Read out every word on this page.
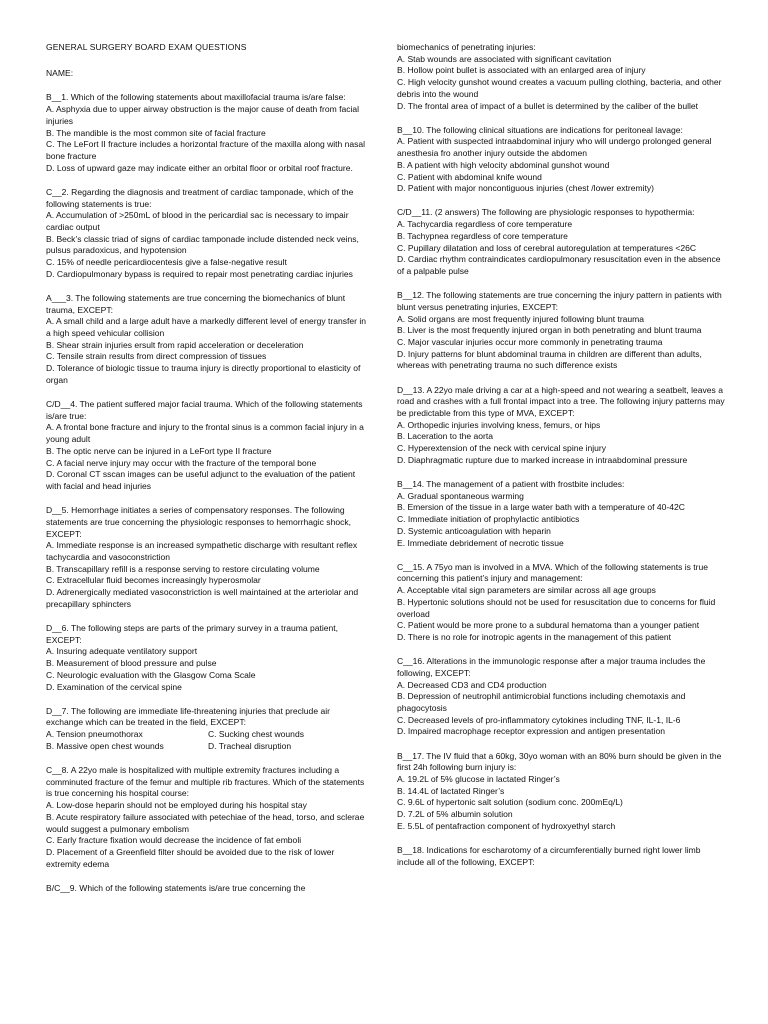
GENERAL SURGERY BOARD EXAM QUESTIONS

NAME:

B__1. Which of the following statements about maxillofacial trauma is/are false:

A. Asphyxia due to upper airway obstruction is the major cause of death from facial injuries

B. The mandible is the most common site of facial fracture

C. The LeFort II fracture includes a horizontal fracture of the maxilla along with nasal bone fracture

D. Loss of upward gaze may indicate either an orbital floor or orbital roof fracture.

C__2. Regarding the diagnosis and treatment of cardiac tamponade, which of the following statements is true:

A. Accumulation of >250mL of blood in the pericardial sac is necessary to impair cardiac output

B. Beck’s classic triad of signs of cardiac tamponade include distended neck veins, pulsus paradoxicus, and hypotension

C. 15% of needle pericardiocentesis give a false-negative result

D. Cardiopulmonary bypass is required to repair most penetrating cardiac injuries

A___3. The following statements are true concerning the biomechanics of blunt trauma, EXCEPT:

A. A small child and a large adult have a markedly different level of energy transfer in a high speed vehicular collision

B. Shear strain injuries ersult from rapid acceleration or deceleration

C. Tensile strain results from direct compression of tissues

D. Tolerance of biologic tissue to trauma injury is directly proportional to elasticity of organ

C/D__4. The patient suffered major facial trauma. Which of the following statements is/are true:

A. A frontal bone fracture and injury to the frontal sinus is a common facial injury in a young adult

B. The optic nerve can be injured in a LeFort type II fracture

C. A facial nerve injury may occur with the fracture of the temporal bone

D. Coronal CT sscan images can be useful adjunct to the evaluation of the patient with facial and head injuries

D__5. Hemorrhage initiates a series of compensatory responses. The following statements are true concerning the physiologic responses to hemorrhagic shock, EXCEPT:

A. Immediate response is an increased sympathetic discharge with resultant reflex tachycardia and vasoconstriction

B. Transcapillary refill is a response serving to restore circulating volume

C. Extracellular fluid becomes increasingly hyperosmolar

D. Adrenergically mediated vasoconstriction is well maintained at the arteriolar and precapillary sphincters

D__6. The following steps are parts of the primary survey in a trauma patient, EXCEPT:

A. Insuring adequate ventilatory support

B. Measurement of blood pressure and pulse

C. Neurologic evaluation with the Glasgow Coma Scale

D. Examination of the cervical spine

D__7. The following are immediate life-threatening injuries that preclude air exchange which can be treated in the field, EXCEPT:

A. Tension pneumothorax	C. Sucking chest wounds

B. Massive open chest wounds	D. Tracheal disruption

C__8. A 22yo male is hospitalized with multiple extremity fractures including a comminuted fracture of the femur and multiple rib fractures. Which of the statements is true concerning his hospital course:

A. Low-dose heparin should not be employed during his hospital stay

B. Acute respiratory failure associated with petechiae of the head, torso, and sclerae would suggest a pulmonary embolism

C. Early fracture fixation would decrease the incidence of fat emboli

D. Placement of a Greenfield filter should be avoided due to the risk of lower extremity edema

B/C__9. Which of the following statements is/are true concerning the

biomechanics of penetrating injuries:

A. Stab wounds are associated with significant cavitation

B. Hollow point bullet is associated with an enlarged area of injury

C. High velocity gunshot wound creates a vacuum pulling clothing, bacteria, and other debris into the wound

D. The frontal area of impact of a bullet is determined by the caliber of the bullet

B__10. The following clinical situations are indications for peritoneal lavage:

A. Patient with suspected intraabdominal injury who will undergo prolonged general anesthesia fro another injury outside the abdomen

B. A patient with high velocity abdominal gunshot wound

C. Patient with abdominal knife wound

D. Patient with major noncontiguous injuries (chest /lower extremity)

C/D__11. (2 answers) The following are physiologic responses to hypothermia:

A. Tachycardia regardless of core temperature

B. Tachypnea regardless of core temperature

C. Pupillary dilatation and loss of cerebral autoregulation at temperatures <26C

D. Cardiac rhythm contraindicates cardiopulmonary resuscitation even in the absence of a palpable pulse

B__12. The following statements are true concerning the injury pattern in patients with blunt versus penetrating injuries, EXCEPT:

A. Solid organs are most frequently injured following blunt trauma

B. Liver is the most frequently injured organ in both penetrating and blunt trauma

C. Major vascular injuries occur more commonly in penetrating trauma

D. Injury patterns for blunt abdominal trauma in children are different than adults, whereas with penetrating trauma no such difference exists

D__13. A 22yo male driving a car at a high-speed and not wearing a seatbelt, leaves a road and crashes with a full frontal impact into a tree. The following injury patterns may be predictable from this type of MVA, EXCEPT:

A. Orthopedic injuries involving kness, femurs, or hips

B. Laceration to the aorta

C. Hyperextension of the neck with cervical spine injury

D. Diaphragmatic rupture due to marked increase in intraabdominal pressure

B__14. The management of a patient with frostbite includes:

A. Gradual spontaneous warming

B. Emersion of the tissue in a large water bath with a temperature of 40-42C

C. Immediate initiation of prophylactic antibiotics

D. Systemic anticoagulation with heparin

E. Immediate debridement of necrotic tissue

C__15. A 75yo man is involved in a MVA. Which of the following statements is true concerning this patient’s injury and management:

A. Acceptable vital sign parameters are similar across all age groups

B. Hypertonic solutions should not be used for resuscitation due to concerns for fluid overload

C. Patient would be more prone to a subdural hematoma than a younger patient

D. There is no role for inotropic agents in the management of this patient

C__16. Alterations in the immunologic response after a major trauma includes the following, EXCEPT:

A. Decreased CD3 and CD4 production

B. Depression of neutrophil antimicrobial functions including chemotaxis and phagocytosis

C. Decreased levels of pro-inflammatory cytokines including TNF, IL-1, IL-6

D. Impaired macrophage receptor expression and antigen presentation

B__17. The IV fluid that a 60kg, 30yo woman with an 80% burn should be given in the first 24h following burn injury is:

A. 19.2L of 5% glucose in lactated Ringer’s

B. 14.4L of lactated Ringer’s

C. 9.6L of hypertonic salt solution (sodium conc. 200mEq/L)

D. 7.2L of 5% albumin solution

E. 5.5L of pentafraction component of hydroxyethyl starch

B__18. Indications for escharotomy of a circumferentially burned right lower limb include all of the following, EXCEPT:
